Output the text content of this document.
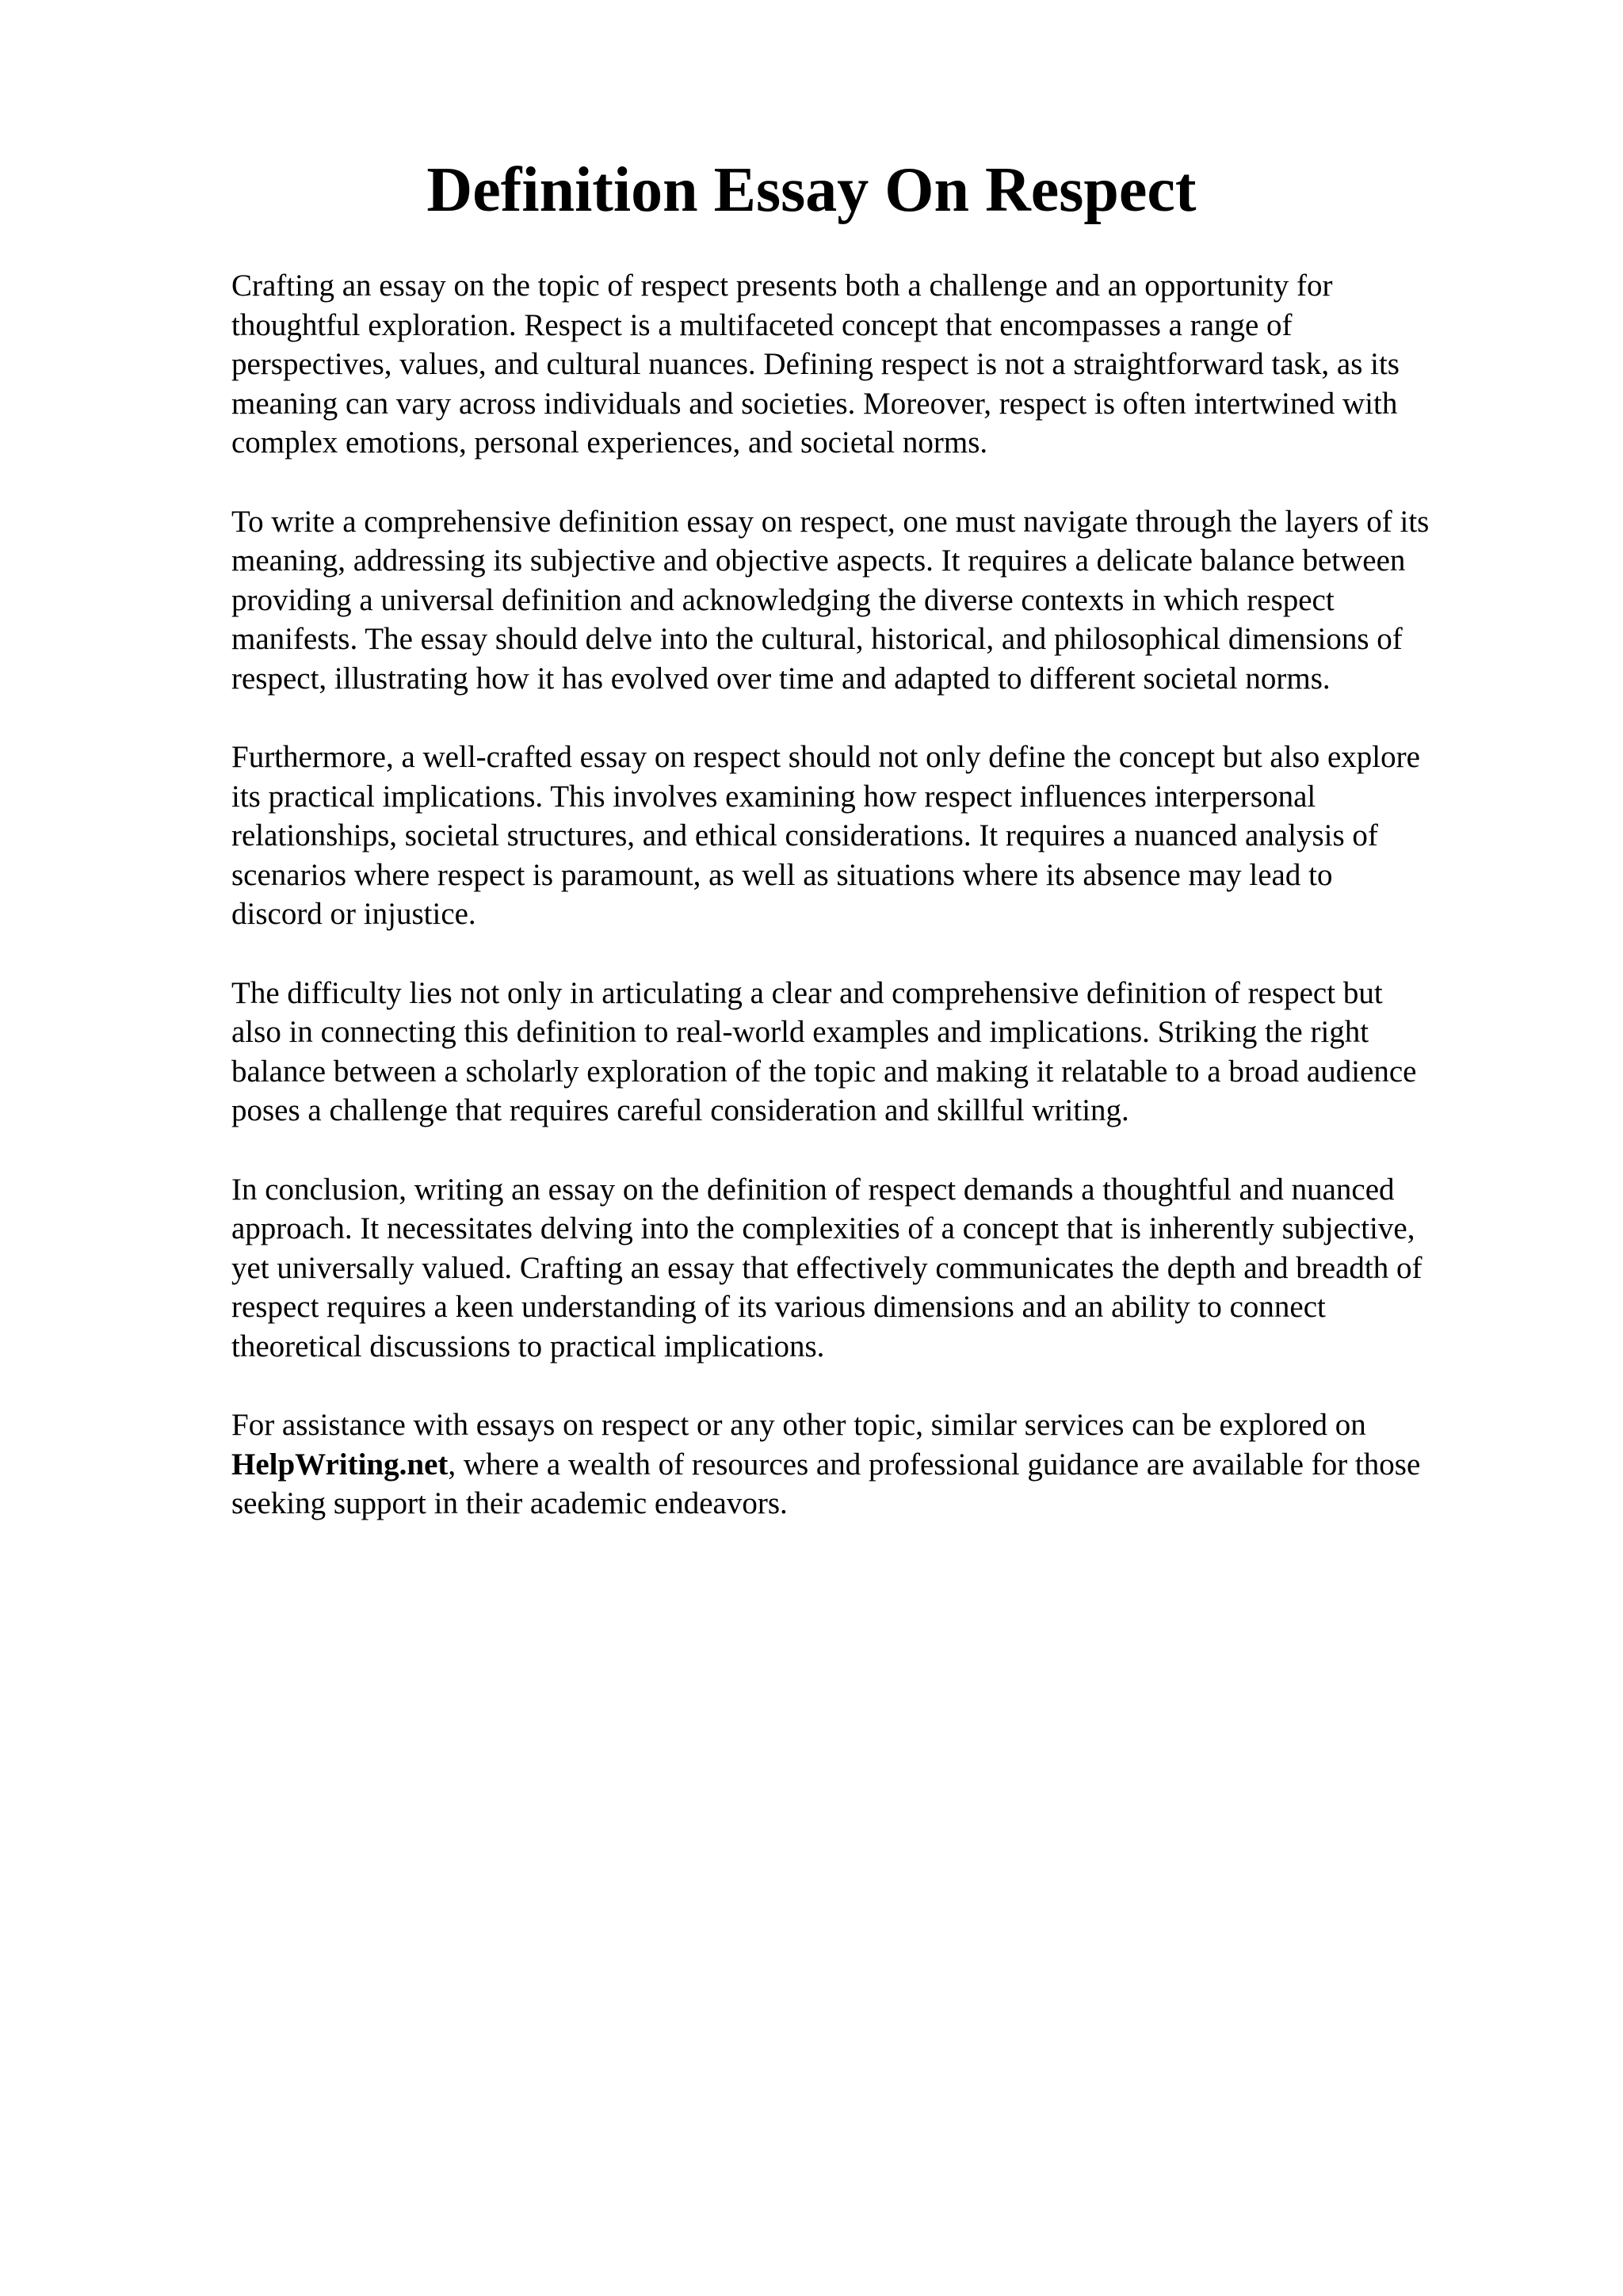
Definition Essay On Respect

Crafting an essay on the topic of respect presents both a challenge and an opportunity for
thoughtful exploration. Respect is a multifaceted concept that encompasses a range of
perspectives, values, and cultural nuances. Defining respect is not a straightforward task, as its
meaning can vary across individuals and societies. Moreover, respect is often intertwined with
complex emotions, personal experiences, and societal norms.

To write a comprehensive definition essay on respect, one must navigate through the layers of its
meaning, addressing its subjective and objective aspects. It requires a delicate balance between
providing a universal definition and acknowledging the diverse contexts in which respect
manifests. The essay should delve into the cultural, historical, and philosophical dimensions of
respect, illustrating how it has evolved over time and adapted to different societal norms.

Furthermore, a well-crafted essay on respect should not only define the concept but also explore
its practical implications. This involves examining how respect influences interpersonal
relationships, societal structures, and ethical considerations. It requires a nuanced analysis of
scenarios where respect is paramount, as well as situations where its absence may lead to
discord or injustice.

The difficulty lies not only in articulating a clear and comprehensive definition of respect but
also in connecting this definition to real-world examples and implications. Striking the right
balance between a scholarly exploration of the topic and making it relatable to a broad audience
poses a challenge that requires careful consideration and skillful writing.

In conclusion, writing an essay on the definition of respect demands a thoughtful and nuanced
approach. It necessitates delving into the complexities of a concept that is inherently subjective,
yet universally valued. Crafting an essay that effectively communicates the depth and breadth of
respect requires a keen understanding of its various dimensions and an ability to connect
theoretical discussions to practical implications.

For assistance with essays on respect or any other topic, similar services can be explored on
HelpWriting.net, where a wealth of resources and professional guidance are available for those
seeking support in their academic endeavors.
